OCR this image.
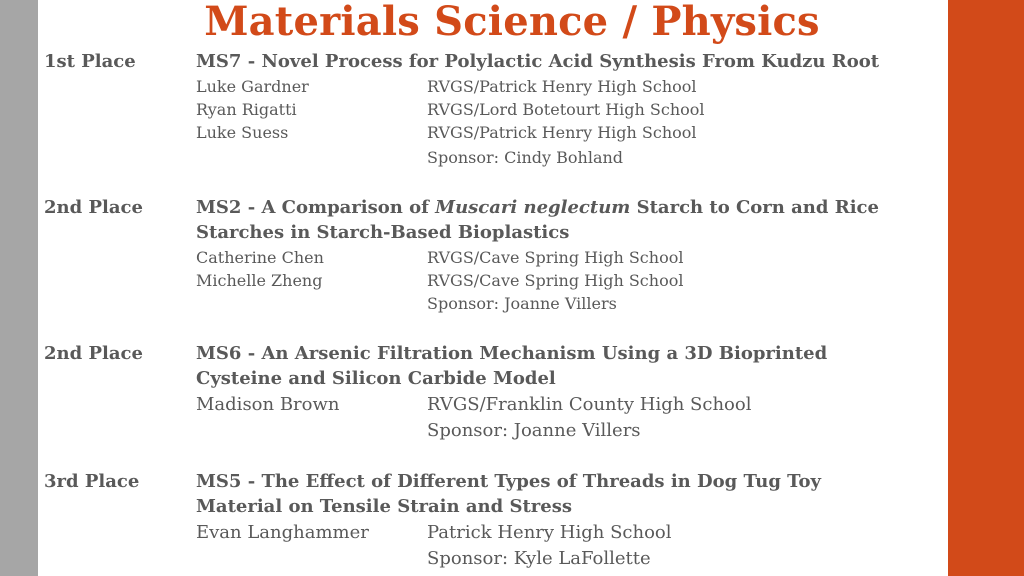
Materials Science / Physics
1st Place	MS7 - Novel Process for Polylactic Acid Synthesis From Kudzu Root
Luke Gardner	RVGS/Patrick Henry High School
Ryan Rigatti	RVGS/Lord Botetourt High School
Luke Suess	RVGS/Patrick Henry High School
Sponsor: Cindy Bohland
2nd Place	MS2 - A Comparison of Muscari neglectum Starch to Corn and Rice
Starches in Starch-Based Bioplastics
Catherine Chen	RVGS/Cave Spring High School
Michelle Zheng	RVGS/Cave Spring High School
Sponsor: Joanne Villers
2nd Place	MS6 - An Arsenic Filtration Mechanism Using a 3D Bioprinted
Cysteine and Silicon Carbide Model
Madison Brown	RVGS/Franklin County High School
Sponsor: Joanne Villers
3rd Place	MS5 - The Effect of Different Types of Threads in Dog Tug Toy
Material on Tensile Strain and Stress
Evan Langhammer	Patrick Henry High School
Sponsor: Kyle LaFollette
